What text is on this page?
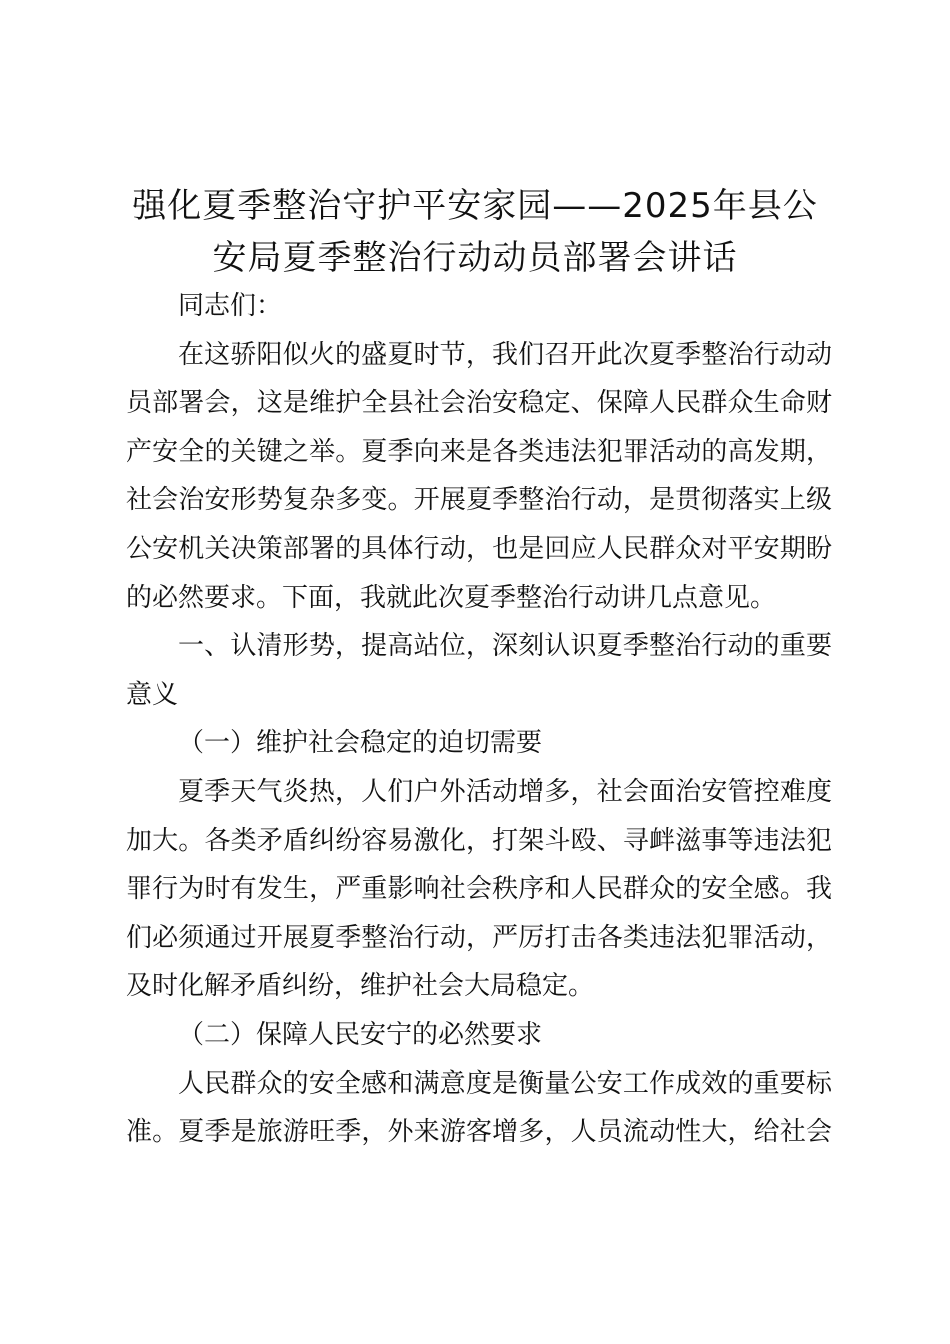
强化夏季整治守护平安家园——2025年县公
安局夏季整治行动动员部署会讲话
同志们：
在这骄阳似火的盛夏时节，我们召开此次夏季整治行动动
员部署会，这是维护全县社会治安稳定、保障人民群众生命财
产安全的关键之举。夏季向来是各类违法犯罪活动的高发期，
社会治安形势复杂多变。开展夏季整治行动，是贯彻落实上级
公安机关决策部署的具体行动，也是回应人民群众对平安期盼
的必然要求。下面，我就此次夏季整治行动讲几点意见。
一、认清形势，提高站位，深刻认识夏季整治行动的重要
意义
（一）维护社会稳定的迫切需要
夏季天气炎热，人们户外活动增多，社会面治安管控难度
加大。各类矛盾纠纷容易激化，打架斗殴、寻衅滋事等违法犯
罪行为时有发生，严重影响社会秩序和人民群众的安全感。我
们必须通过开展夏季整治行动，严厉打击各类违法犯罪活动，
及时化解矛盾纠纷，维护社会大局稳定。
（二）保障人民安宁的必然要求
人民群众的安全感和满意度是衡量公安工作成效的重要标
准。夏季是旅游旺季，外来游客增多，人员流动性大，给社会
